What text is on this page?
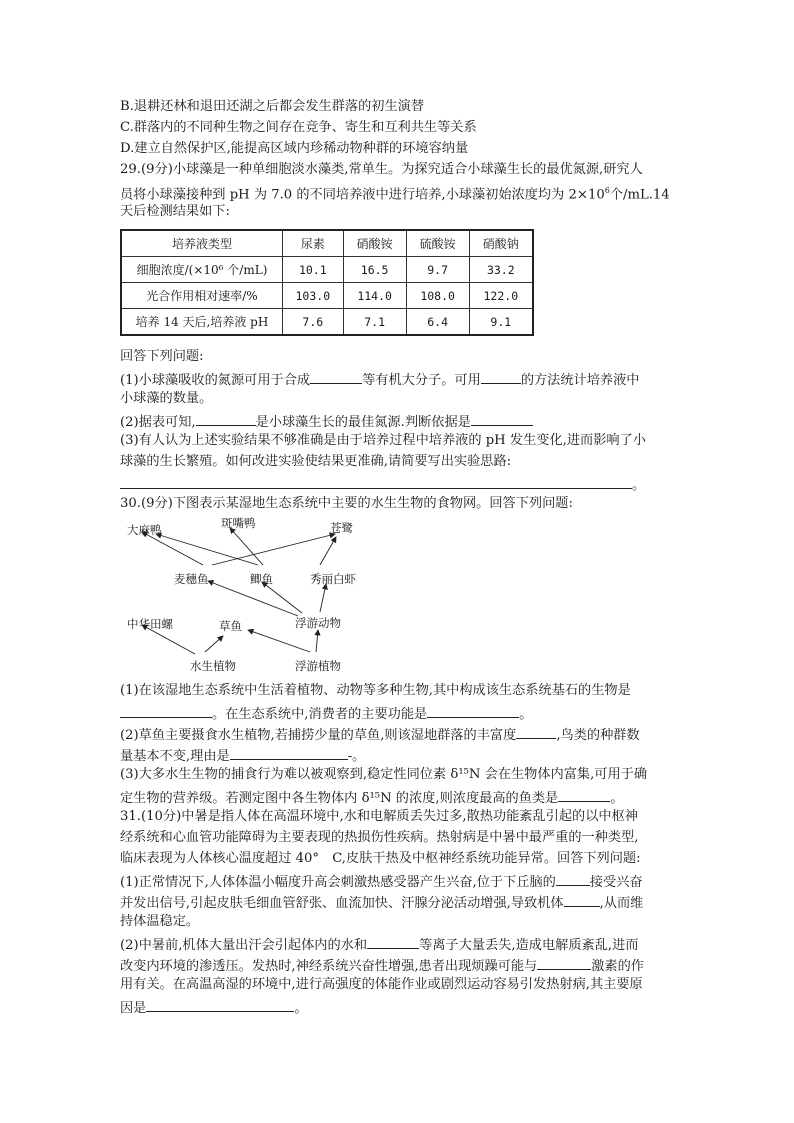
B.退耕还林和退田还湖之后都会发生群落的初生演替
C.群落内的不同种生物之间存在竞争、寄生和互利共生等关系
D.建立自然保护区,能提高区域内珍稀动物种群的环境容纳量
29.(9分)小球藻是一种单细胞淡水藻类,常单生。为探究适合小球藻生长的最优氮源,研究人
员将小球藻接种到 pH 为 7.0 的不同培养液中进行培养,小球藻初始浓度均为 $2\times 10^6$个/mL.14
天后检测结果如下:
培养液类型	尿素	硝酸铵	硫酸铵	硝酸钠
细胞浓度/(×10⁶ 个/mL)	10.1	16.5	9.7	33.2
光合作用相对速率/%	103.0	114.0	108.0	122.0
培养 14 天后,培养液 pH	7.6	7.1	6.4	9.1
回答下列问题:
(1)小球藻吸收的氮源可用于合成	等有机大分子。可用	的方法统计培养液中
小球藻的数量。
(2)据表可知,	是小球藻生长的最佳氮源.判断依据是
(3)有人认为上述实验结果不够准确是由于培养过程中培养液的 pH 发生变化,进而影响了小
球藻的生长繁殖。如何改进实验使结果更准确,请简要写出实验思路:
。
30.(9分)下图表示某湿地生态系统中主要的水生生物的食物网。回答下列问题:
大麻鸭	斑嘴鸭	苍鹭
麦穗鱼	鲫鱼	秀丽白虾
中华田螺	草鱼	浮游动物
水生植物	浮游植物
(1)在该湿地生态系统中生活着植物、动物等多种生物,其中构成该生态系统基石的生物是
。在生态系统中,消费者的主要功能是	。
(2)草鱼主要摄食水生植物,若捕捞少量的草鱼,则该湿地群落的丰富度	,鸟类的种群数
量基本不变,理由是	-。
(3)大多水生生物的捕食行为难以被观察到,稳定性同位素 δ¹⁵N 会在生物体内富集,可用于确
定生物的营养级。若测定图中各生物体内 δ¹⁵N 的浓度,则浓度最高的鱼类是	。
31.(10分)中暑是指人体在高温环境中,水和电解质丢失过多,散热功能紊乱引起的以中枢神
经系统和心血管功能障碍为主要表现的热损伤性疾病。热射病是中暑中最严重的一种类型,
临床表现为人体核心温度超过 40°　C,皮肤干热及中枢神经系统功能异常。回答下列问题:
(1)正常情况下,人体体温小幅度升高会刺激热感受器产生兴奋,位于下丘脑的	接受兴奋
并发出信号,引起皮肤毛细血管舒张、血流加快、汗腺分泌活动增强,导致机体	,从而维
持体温稳定。
(2)中暑前,机体大量出汗会引起体内的水和	等离子大量丢失,造成电解质紊乱,进而
改变内环境的渗透压。发热时,神经系统兴奋性增强,患者出现烦躁可能与	激素的作
用有关。在高温高湿的环境中,进行高强度的体能作业或剧烈运动容易引发热射病,其主要原
因是	。
